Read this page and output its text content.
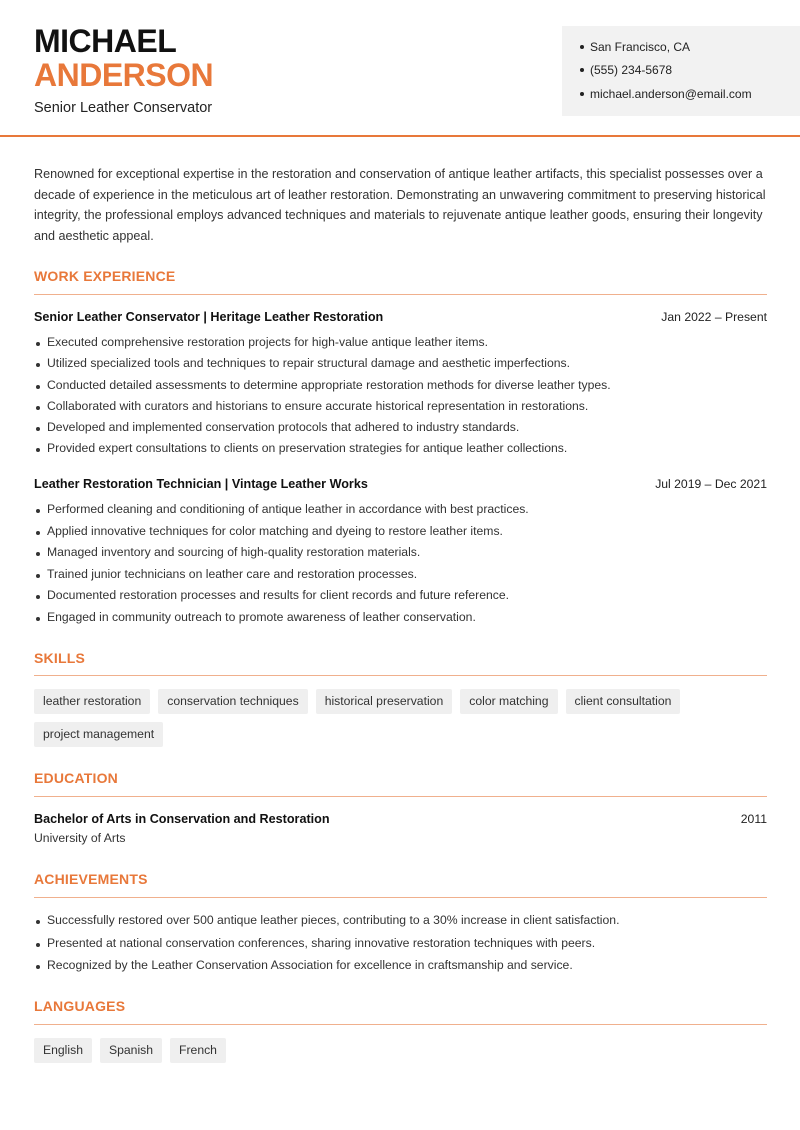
MICHAEL
ANDERSON
Senior Leather Conservator
San Francisco, CA
(555) 234-5678
michael.anderson@email.com
Renowned for exceptional expertise in the restoration and conservation of antique leather artifacts, this specialist possesses over a decade of experience in the meticulous art of leather restoration. Demonstrating an unwavering commitment to preserving historical integrity, the professional employs advanced techniques and materials to rejuvenate antique leather goods, ensuring their longevity and aesthetic appeal.
WORK EXPERIENCE
Senior Leather Conservator | Heritage Leather Restoration	Jan 2022 – Present
Executed comprehensive restoration projects for high-value antique leather items.
Utilized specialized tools and techniques to repair structural damage and aesthetic imperfections.
Conducted detailed assessments to determine appropriate restoration methods for diverse leather types.
Collaborated with curators and historians to ensure accurate historical representation in restorations.
Developed and implemented conservation protocols that adhered to industry standards.
Provided expert consultations to clients on preservation strategies for antique leather collections.
Leather Restoration Technician | Vintage Leather Works	Jul 2019 – Dec 2021
Performed cleaning and conditioning of antique leather in accordance with best practices.
Applied innovative techniques for color matching and dyeing to restore leather items.
Managed inventory and sourcing of high-quality restoration materials.
Trained junior technicians on leather care and restoration processes.
Documented restoration processes and results for client records and future reference.
Engaged in community outreach to promote awareness of leather conservation.
SKILLS
leather restoration	conservation techniques	historical preservation	color matching	client consultation
project management
EDUCATION
Bachelor of Arts in Conservation and Restoration	2011
University of Arts
ACHIEVEMENTS
Successfully restored over 500 antique leather pieces, contributing to a 30% increase in client satisfaction.
Presented at national conservation conferences, sharing innovative restoration techniques with peers.
Recognized by the Leather Conservation Association for excellence in craftsmanship and service.
LANGUAGES
English	Spanish	French
